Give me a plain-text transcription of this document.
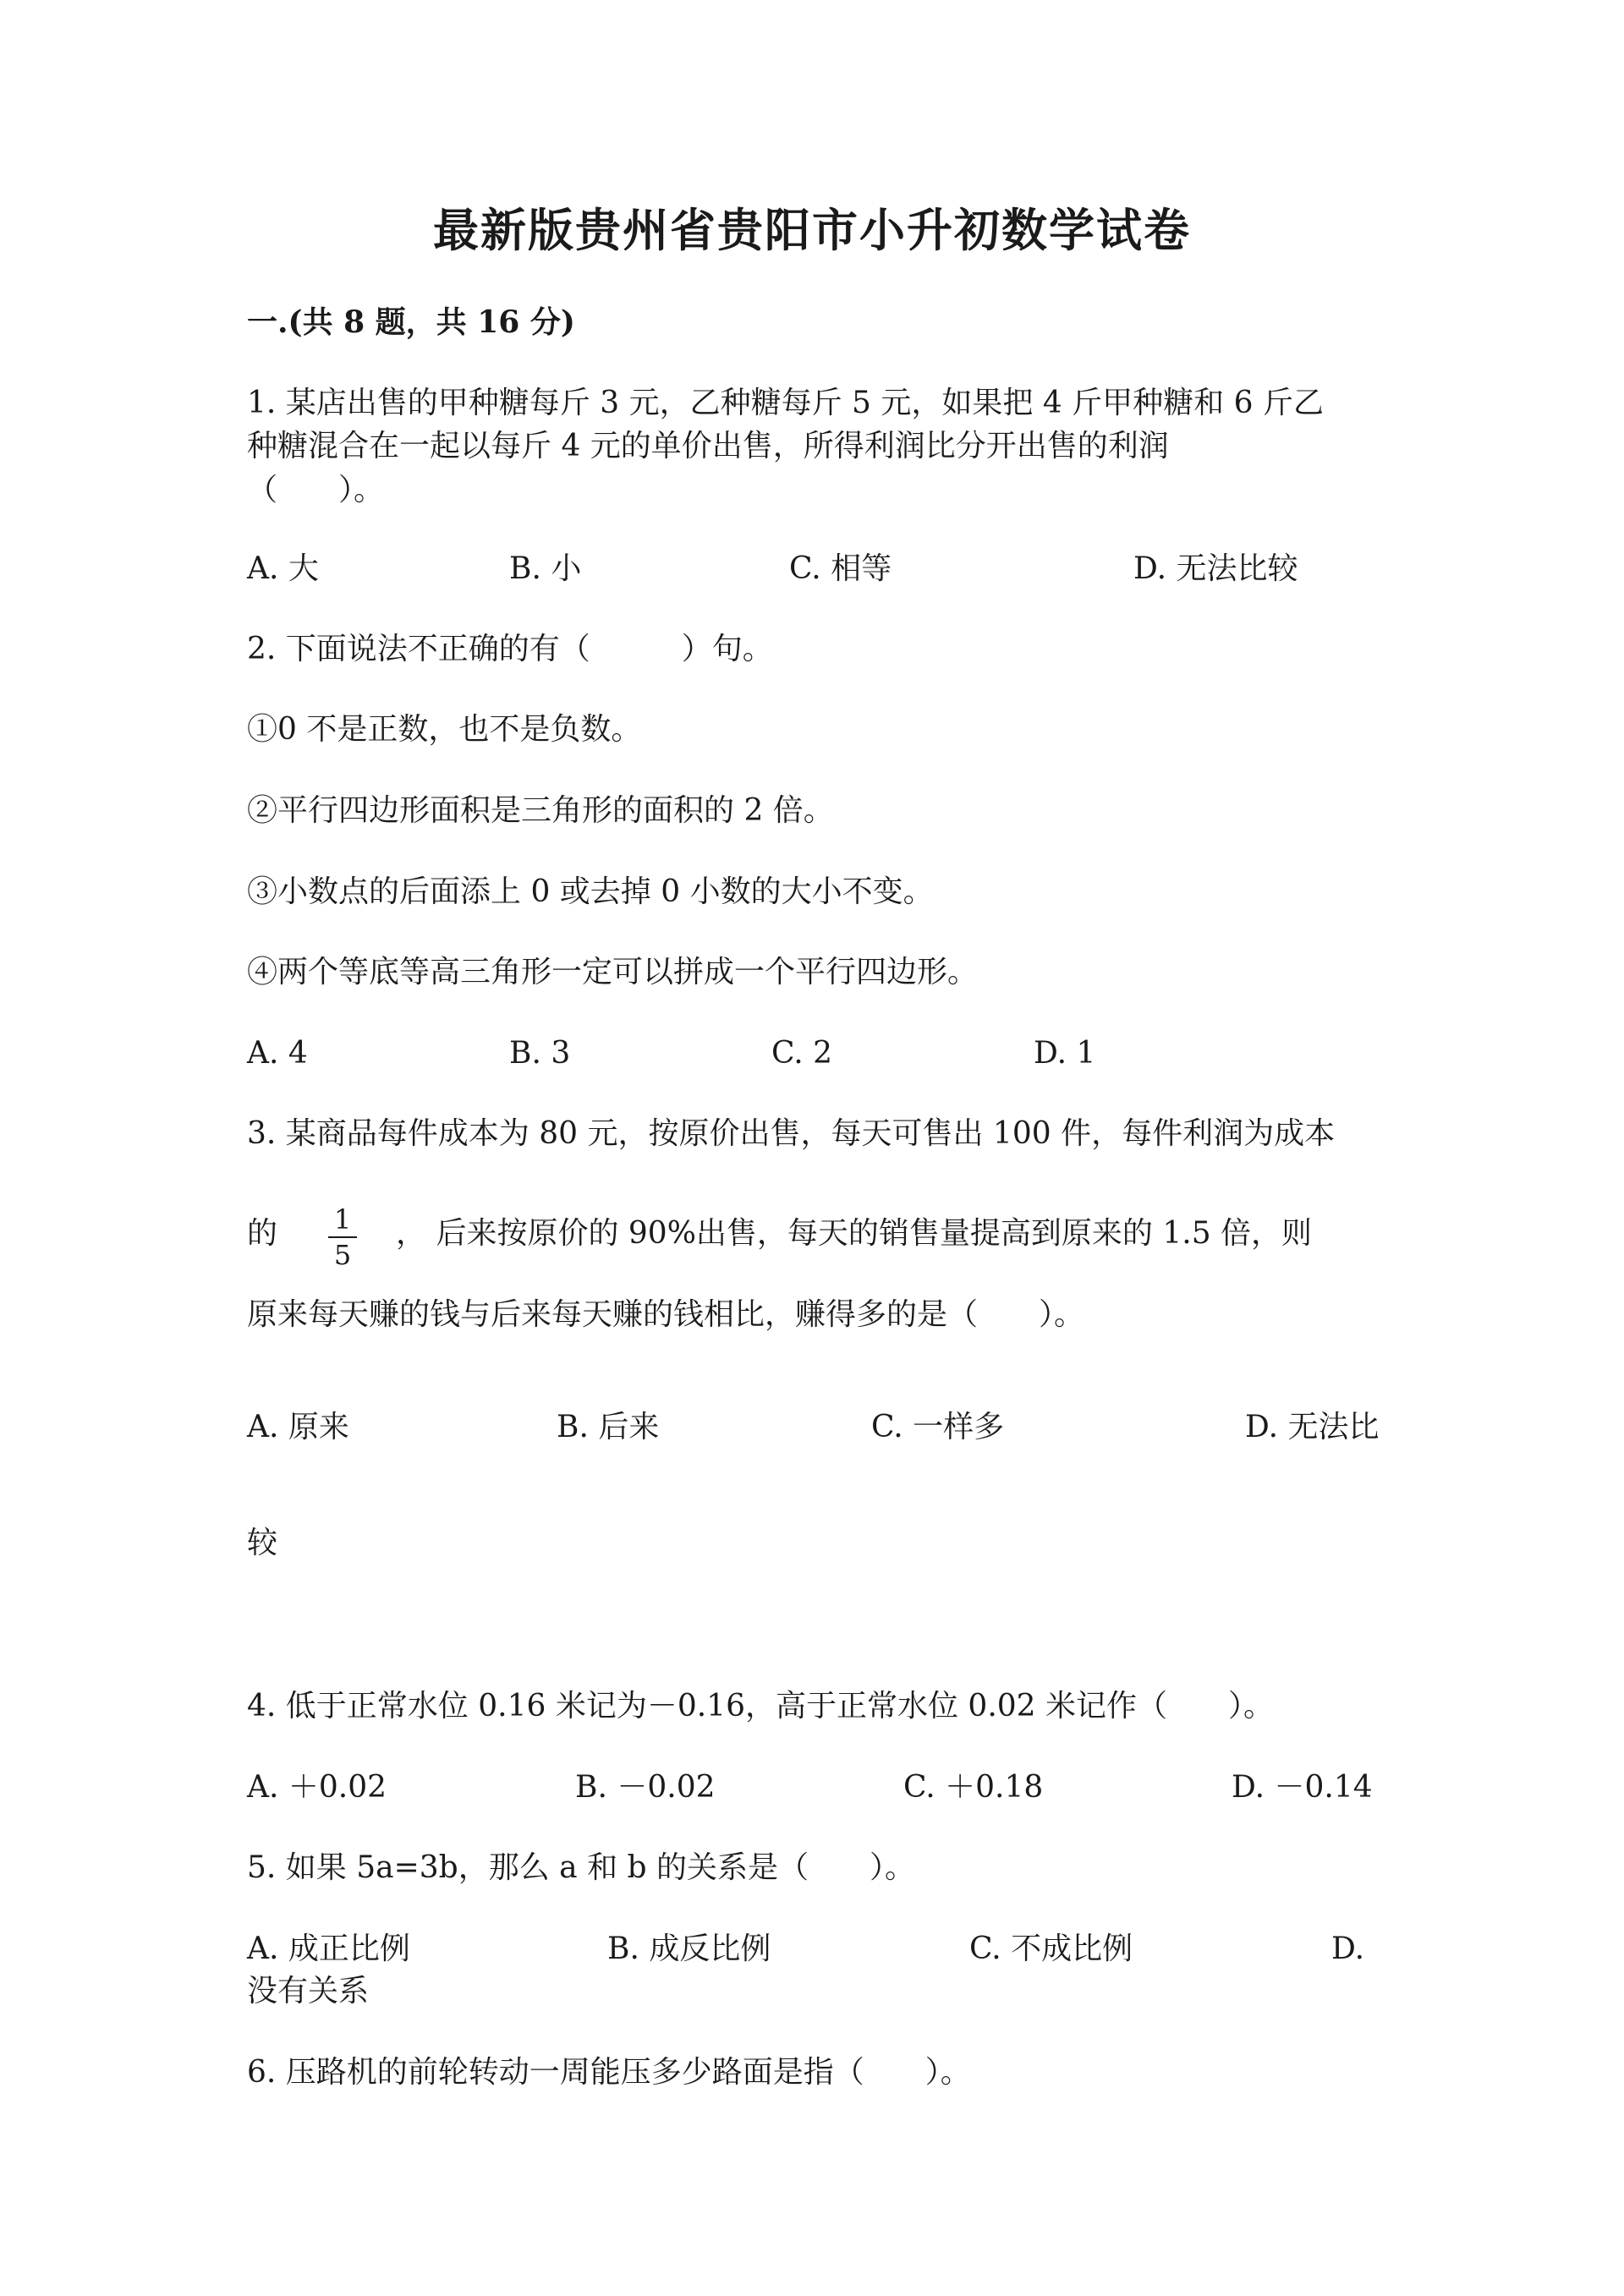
最新版贵州省贵阳市小升初数学试卷
一.(共 8 题，共 16 分)
1. 某店出售的甲种糖每斤 3 元，乙种糖每斤 5 元，如果把 4 斤甲种糖和 6 斤乙
种糖混合在一起以每斤 4 元的单价出售，所得利润比分开出售的利润
（　　）。
A. 大	B. 小	C. 相等	D. 无法比较
2. 下面说法不正确的有（　　　）句。
①0 不是正数，也不是负数。
②平行四边形面积是三角形的面积的 2 倍。
③小数点的后面添上 0 或去掉 0 小数的大小不变。
④两个等底等高三角形一定可以拼成一个平行四边形。
A. 4	B. 3	C. 2	D. 1
3. 某商品每件成本为 80 元，按原价出售，每天可售出 100 件，每件利润为成本
的 1
5
， 后来按原价的 90%出售，每天的销售量提高到原来的 1.5 倍，则
原来每天赚的钱与后来每天赚的钱相比，赚得多的是（　　）。
A. 原来	B. 后来	C. 一样多	D. 无法比
较
4. 低于正常水位 0.16 米记为－0.16，高于正常水位 0.02 米记作（　　）。
A. ＋0.02	B. －0.02	C. ＋0.18	D. －0.14
5. 如果 5a=3b，那么 a 和 b 的关系是（　　）。
A. 成正比例	B. 成反比例	C. 不成比例	D.
没有关系
6. 压路机的前轮转动一周能压多少路面是指（　　）。
